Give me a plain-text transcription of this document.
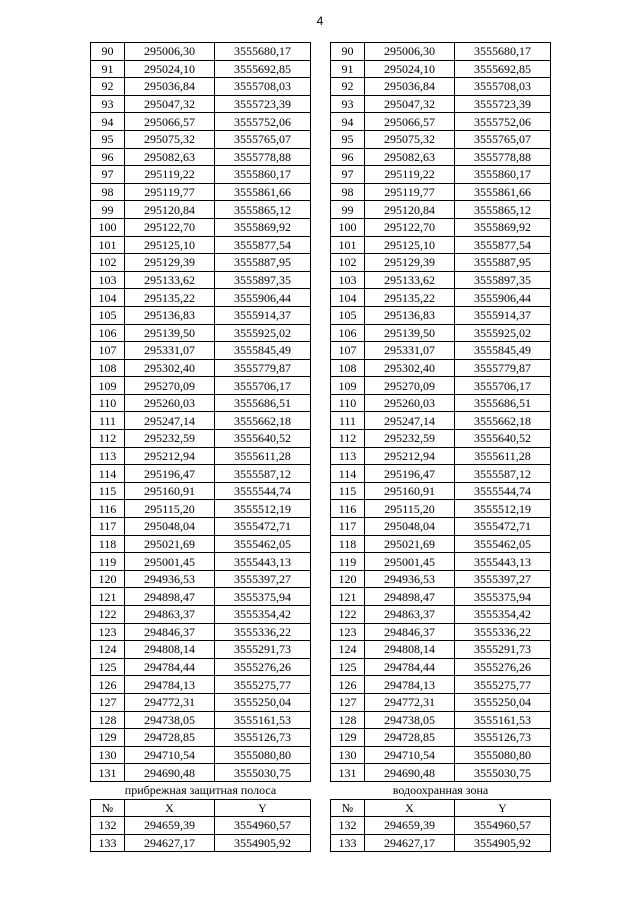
4
90	295006,30	3555680,17
91	295024,10	3555692,85
92	295036,84	3555708,03
93	295047,32	3555723,39
94	295066,57	3555752,06
95	295075,32	3555765,07
96	295082,63	3555778,88
97	295119,22	3555860,17
98	295119,77	3555861,66
99	295120,84	3555865,12
100	295122,70	3555869,92
101	295125,10	3555877,54
102	295129,39	3555887,95
103	295133,62	3555897,35
104	295135,22	3555906,44
105	295136,83	3555914,37
106	295139,50	3555925,02
107	295331,07	3555845,49
108	295302,40	3555779,87
109	295270,09	3555706,17
110	295260,03	3555686,51
111	295247,14	3555662,18
112	295232,59	3555640,52
113	295212,94	3555611,28
114	295196,47	3555587,12
115	295160,91	3555544,74
116	295115,20	3555512,19
117	295048,04	3555472,71
118	295021,69	3555462,05
119	295001,45	3555443,13
120	294936,53	3555397,27
121	294898,47	3555375,94
122	294863,37	3555354,42
123	294846,37	3555336,22
124	294808,14	3555291,73
125	294784,44	3555276,26
126	294784,13	3555275,77
127	294772,31	3555250,04
128	294738,05	3555161,53
129	294728,85	3555126,73
130	294710,54	3555080,80
131	294690,48	3555030,75
прибрежная защитная полоса		
№	X	Y
132	294659,39	3554960,57
133	294627,17	3554905,92
90	295006,30	3555680,17
91	295024,10	3555692,85
92	295036,84	3555708,03
93	295047,32	3555723,39
94	295066,57	3555752,06
95	295075,32	3555765,07
96	295082,63	3555778,88
97	295119,22	3555860,17
98	295119,77	3555861,66
99	295120,84	3555865,12
100	295122,70	3555869,92
101	295125,10	3555877,54
102	295129,39	3555887,95
103	295133,62	3555897,35
104	295135,22	3555906,44
105	295136,83	3555914,37
106	295139,50	3555925,02
107	295331,07	3555845,49
108	295302,40	3555779,87
109	295270,09	3555706,17
110	295260,03	3555686,51
111	295247,14	3555662,18
112	295232,59	3555640,52
113	295212,94	3555611,28
114	295196,47	3555587,12
115	295160,91	3555544,74
116	295115,20	3555512,19
117	295048,04	3555472,71
118	295021,69	3555462,05
119	295001,45	3555443,13
120	294936,53	3555397,27
121	294898,47	3555375,94
122	294863,37	3555354,42
123	294846,37	3555336,22
124	294808,14	3555291,73
125	294784,44	3555276,26
126	294784,13	3555275,77
127	294772,31	3555250,04
128	294738,05	3555161,53
129	294728,85	3555126,73
130	294710,54	3555080,80
131	294690,48	3555030,75
водоохранная зона		
№	X	Y
132	294659,39	3554960,57
133	294627,17	3554905,92
